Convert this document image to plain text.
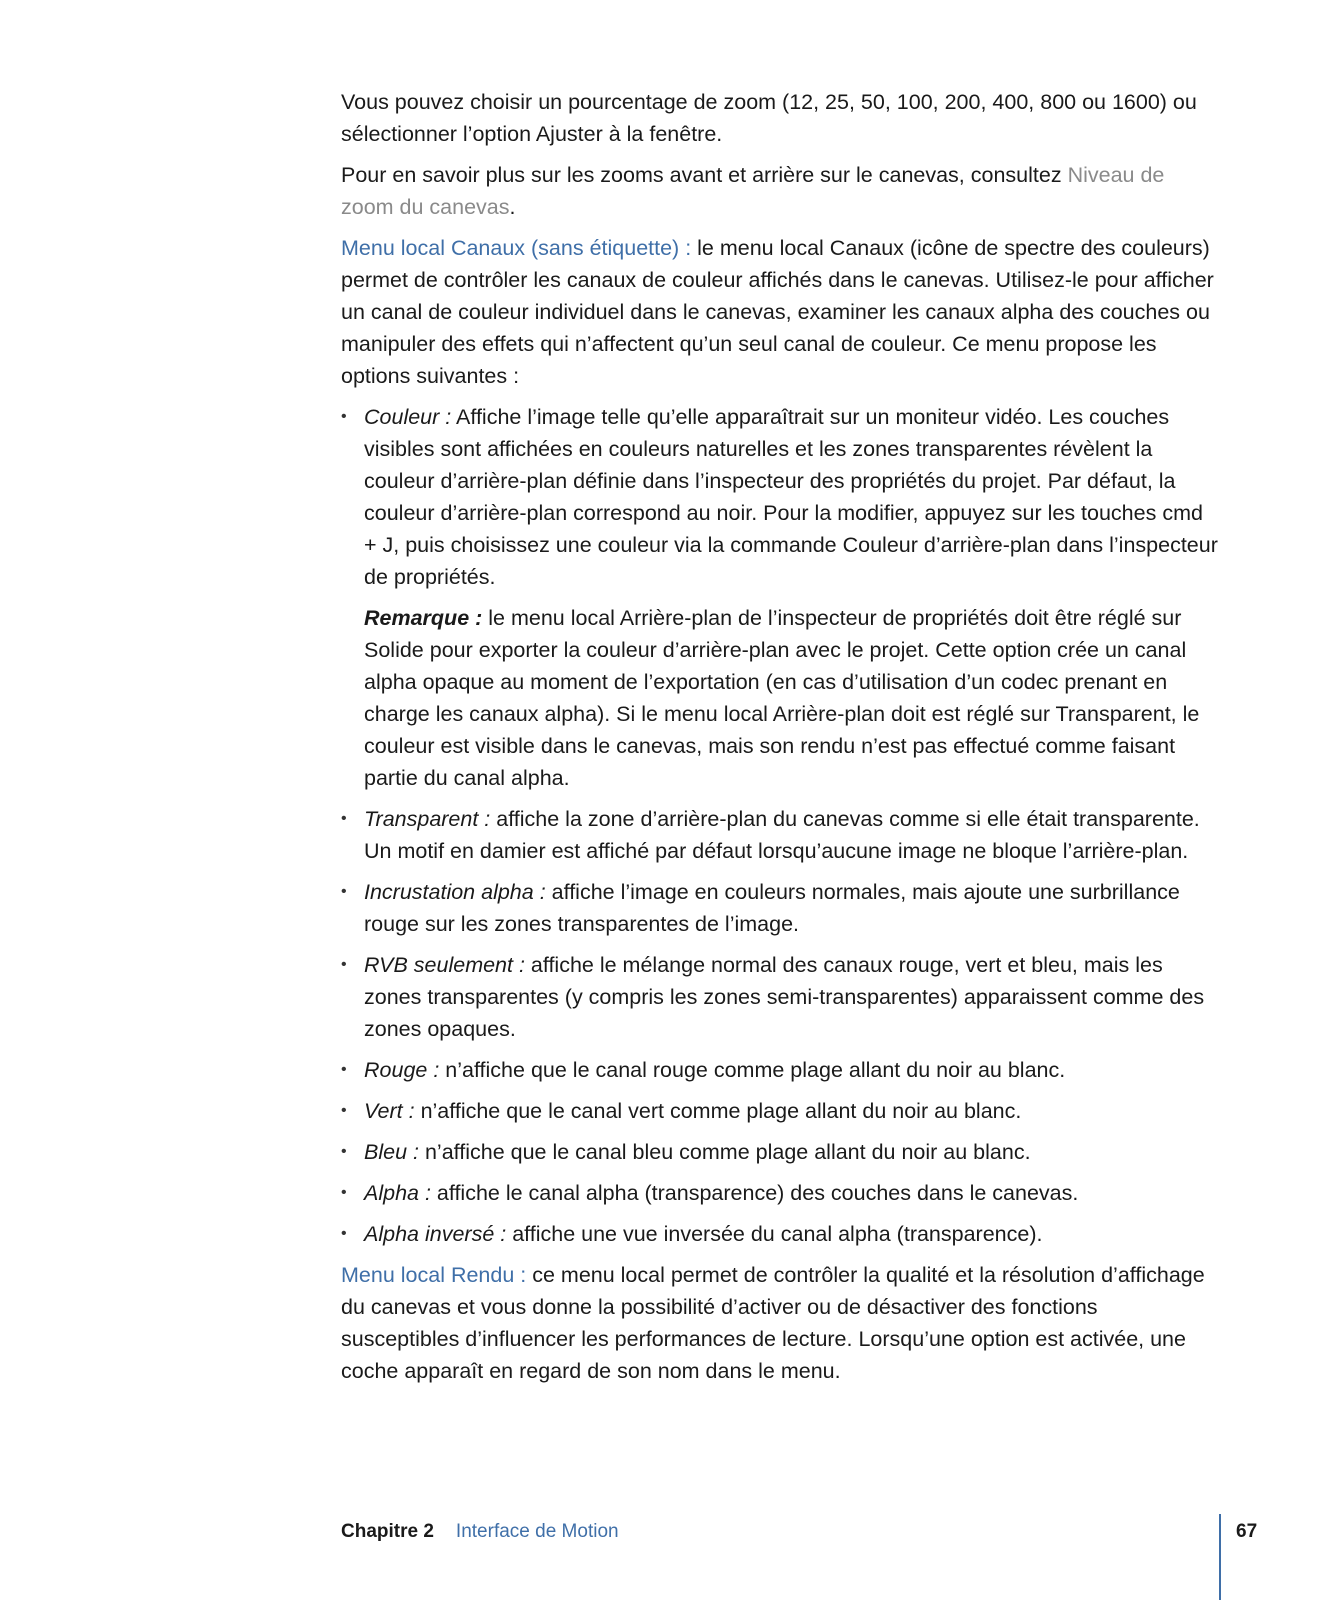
Vous pouvez choisir un pourcentage de zoom (12, 25, 50, 100, 200, 400, 800 ou 1600) ou sélectionner l’option Ajuster à la fenêtre.

Pour en savoir plus sur les zooms avant et arrière sur le canevas, consultez Niveau de zoom du canevas.

Menu local Canaux (sans étiquette) : le menu local Canaux (icône de spectre des couleurs) permet de contrôler les canaux de couleur affichés dans le canevas. Utilisez-le pour afficher un canal de couleur individuel dans le canevas, examiner les canaux alpha des couches ou manipuler des effets qui n’affectent qu’un seul canal de couleur. Ce menu propose les options suivantes :

• Couleur : Affiche l’image telle qu’elle apparaîtrait sur un moniteur vidéo. Les couches visibles sont affichées en couleurs naturelles et les zones transparentes révèlent la couleur d’arrière-plan définie dans l’inspecteur des propriétés du projet. Par défaut, la couleur d’arrière-plan correspond au noir. Pour la modifier, appuyez sur les touches cmd + J, puis choisissez une couleur via la commande Couleur d’arrière-plan dans l’inspecteur de propriétés.

Remarque : le menu local Arrière-plan de l’inspecteur de propriétés doit être réglé sur Solide pour exporter la couleur d’arrière-plan avec le projet. Cette option crée un canal alpha opaque au moment de l’exportation (en cas d’utilisation d’un codec prenant en charge les canaux alpha). Si le menu local Arrière-plan doit est réglé sur Transparent, le couleur est visible dans le canevas, mais son rendu n’est pas effectué comme faisant partie du canal alpha.

• Transparent : affiche la zone d’arrière-plan du canevas comme si elle était transparente. Un motif en damier est affiché par défaut lorsqu’aucune image ne bloque l’arrière-plan.
• Incrustation alpha : affiche l’image en couleurs normales, mais ajoute une surbrillance rouge sur les zones transparentes de l’image.
• RVB seulement : affiche le mélange normal des canaux rouge, vert et bleu, mais les zones transparentes (y compris les zones semi-transparentes) apparaissent comme des zones opaques.
• Rouge : n’affiche que le canal rouge comme plage allant du noir au blanc.
• Vert : n’affiche que le canal vert comme plage allant du noir au blanc.
• Bleu : n’affiche que le canal bleu comme plage allant du noir au blanc.
• Alpha : affiche le canal alpha (transparence) des couches dans le canevas.
• Alpha inversé : affiche une vue inversée du canal alpha (transparence).

Menu local Rendu : ce menu local permet de contrôler la qualité et la résolution d’affichage du canevas et vous donne la possibilité d’activer ou de désactiver des fonctions susceptibles d’influencer les performances de lecture. Lorsqu’une option est activée, une coche apparaît en regard de son nom dans le menu.

Chapitre 2 Interface de Motion	67
